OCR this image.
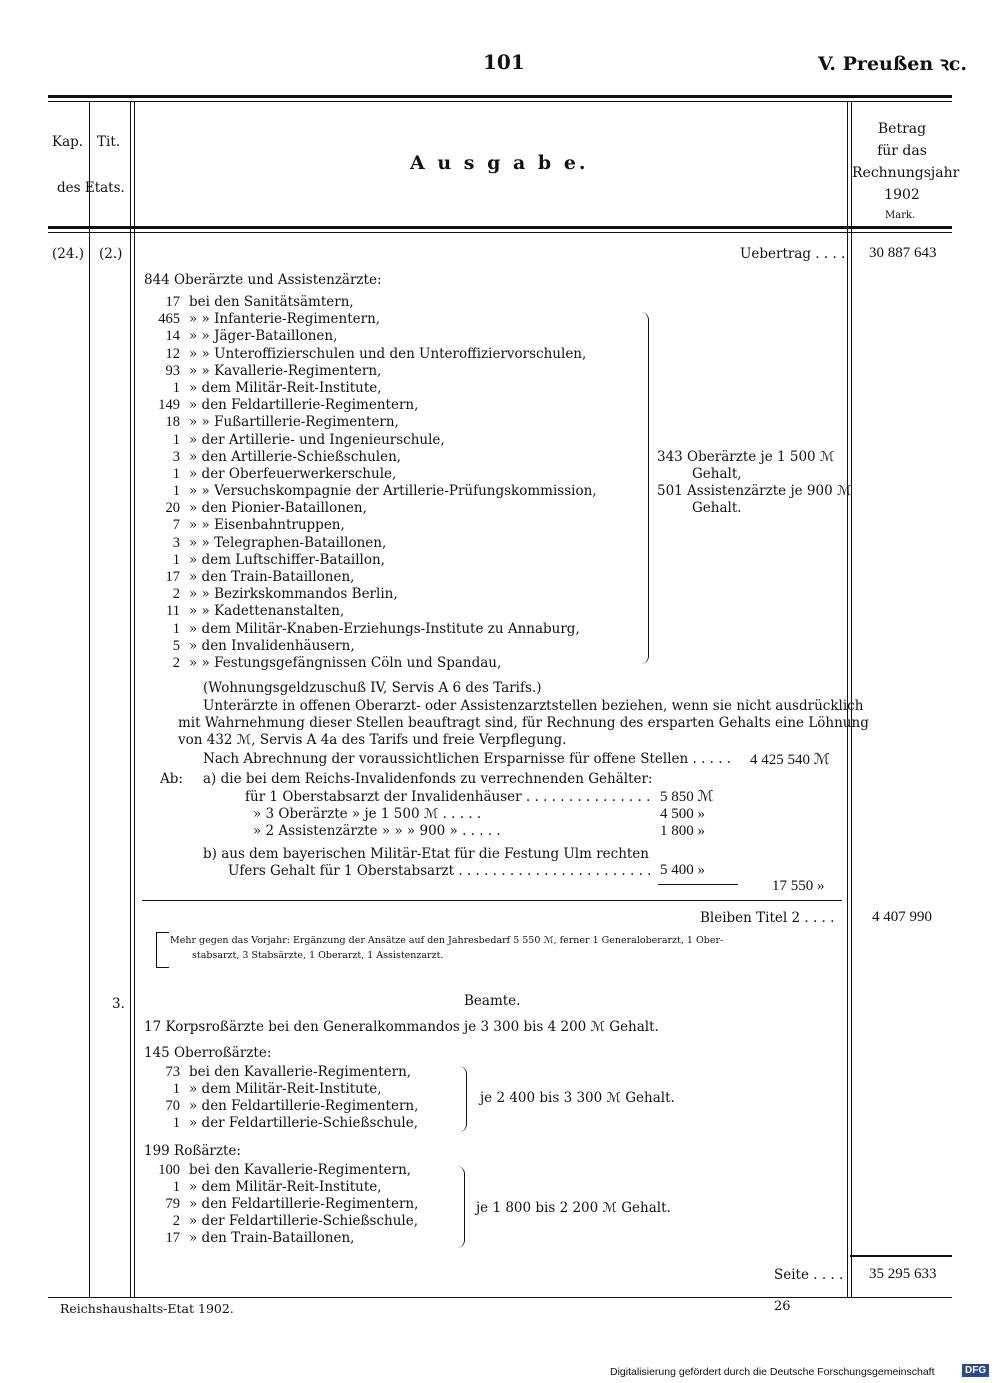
101	V. Preußen ꝛc.
Kap. Tit.
des Etats.
A u s g a b e.
Betrag
für das
Rechnungsjahr
1902
Mark.
(24.) (2.)	Uebertrag . . . . 30 887 643
844 Oberärzte und Assistenzärzte:
17 bei den Sanitätsämtern,
465 » » Infanterie-Regimentern,
14 » » Jäger-Bataillonen,
12 » » Unteroffizierschulen und den Unteroffiziervorschulen,
93 » » Kavallerie-Regimentern,
1 » dem Militär-Reit-Institute,
149 » den Feldartillerie-Regimentern,
18 » » Fußartillerie-Regimentern,
1 » der Artillerie- und Ingenieurschule,
3 » den Artillerie-Schießschulen,
1 » der Oberfeuerwerkerschule,
1 » » Versuchskompagnie der Artillerie-Prüfungskommission,
20 » den Pionier-Bataillonen,
7 » » Eisenbahntruppen,
3 » » Telegraphen-Bataillonen,
1 » dem Luftschiffer-Bataillon,
17 » den Train-Bataillonen,
2 » » Bezirkskommandos Berlin,
11 » » Kadettenanstalten,
1 » dem Militär-Knaben-Erziehungs-Institute zu Annaburg,
5 » den Invalidenhäusern,
2 » » Festungsgefängnissen Cöln und Spandau,
343 Oberärzte je 1 500 ℳ
Gehalt,
501 Assistenzärzte je 900 ℳ
Gehalt.
(Wohnungsgeldzuschuß IV, Servis A 6 des Tarifs.)
Unterärzte in offenen Oberarzt- oder Assistenzarztstellen beziehen, wenn sie nicht ausdrücklich
mit Wahrnehmung dieser Stellen beauftragt sind, für Rechnung des ersparten Gehalts eine Löhnung
von 432 ℳ, Servis A 4a des Tarifs und freie Verpflegung.
Nach Abrechnung der voraussichtlichen Ersparnisse für offene Stellen . . . . . 4 425 540 ℳ
Ab: a) die bei dem Reichs-Invalidenfonds zu verrechnenden Gehälter:
für 1 Oberstabsarzt der Invalidenhäuser . . . . . . . . . . . . . . . 5 850 ℳ
» 3 Oberärzte » je 1 500 ℳ . . . . .	4 500 »
» 2 Assistenzärzte » » » 900 » . . . . .	1 800 »
b) aus dem bayerischen Militär-Etat für die Festung Ulm rechten
Ufers Gehalt für 1 Oberstabsarzt . . . . . . . . . . . . . . . . . . . . . . . 5 400 »
17 550 »
Bleiben Titel 2 . . . .	4 407 990
Mehr gegen das Vorjahr: Ergänzung der Ansätze auf den Jahresbedarf 5 550 ℳ, ferner 1 Generaloberarzt, 1 Ober-
stabsarzt, 3 Stabsärzte, 1 Oberarzt, 1 Assistenzarzt.
3.	Beamte.
17 Korpsroßärzte bei den Generalkommandos je 3 300 bis 4 200 ℳ Gehalt.
145 Oberroßärzte:
73 bei den Kavallerie-Regimentern,
1 » dem Militär-Reit-Institute,
70 » den Feldartillerie-Regimentern,
1 » der Feldartillerie-Schießschule,
je 2 400 bis 3 300 ℳ Gehalt.
199 Roßärzte:
100 bei den Kavallerie-Regimentern,
1 » dem Militär-Reit-Institute,
79 » den Feldartillerie-Regimentern,
2 » der Feldartillerie-Schießschule,
17 » den Train-Bataillonen,
je 1 800 bis 2 200 ℳ Gehalt.
Seite . . . . 35 295 633
Reichshaushalts-Etat 1902.	26
Digitalisierung gefördert durch die Deutsche Forschungsgemeinschaft	DFG
